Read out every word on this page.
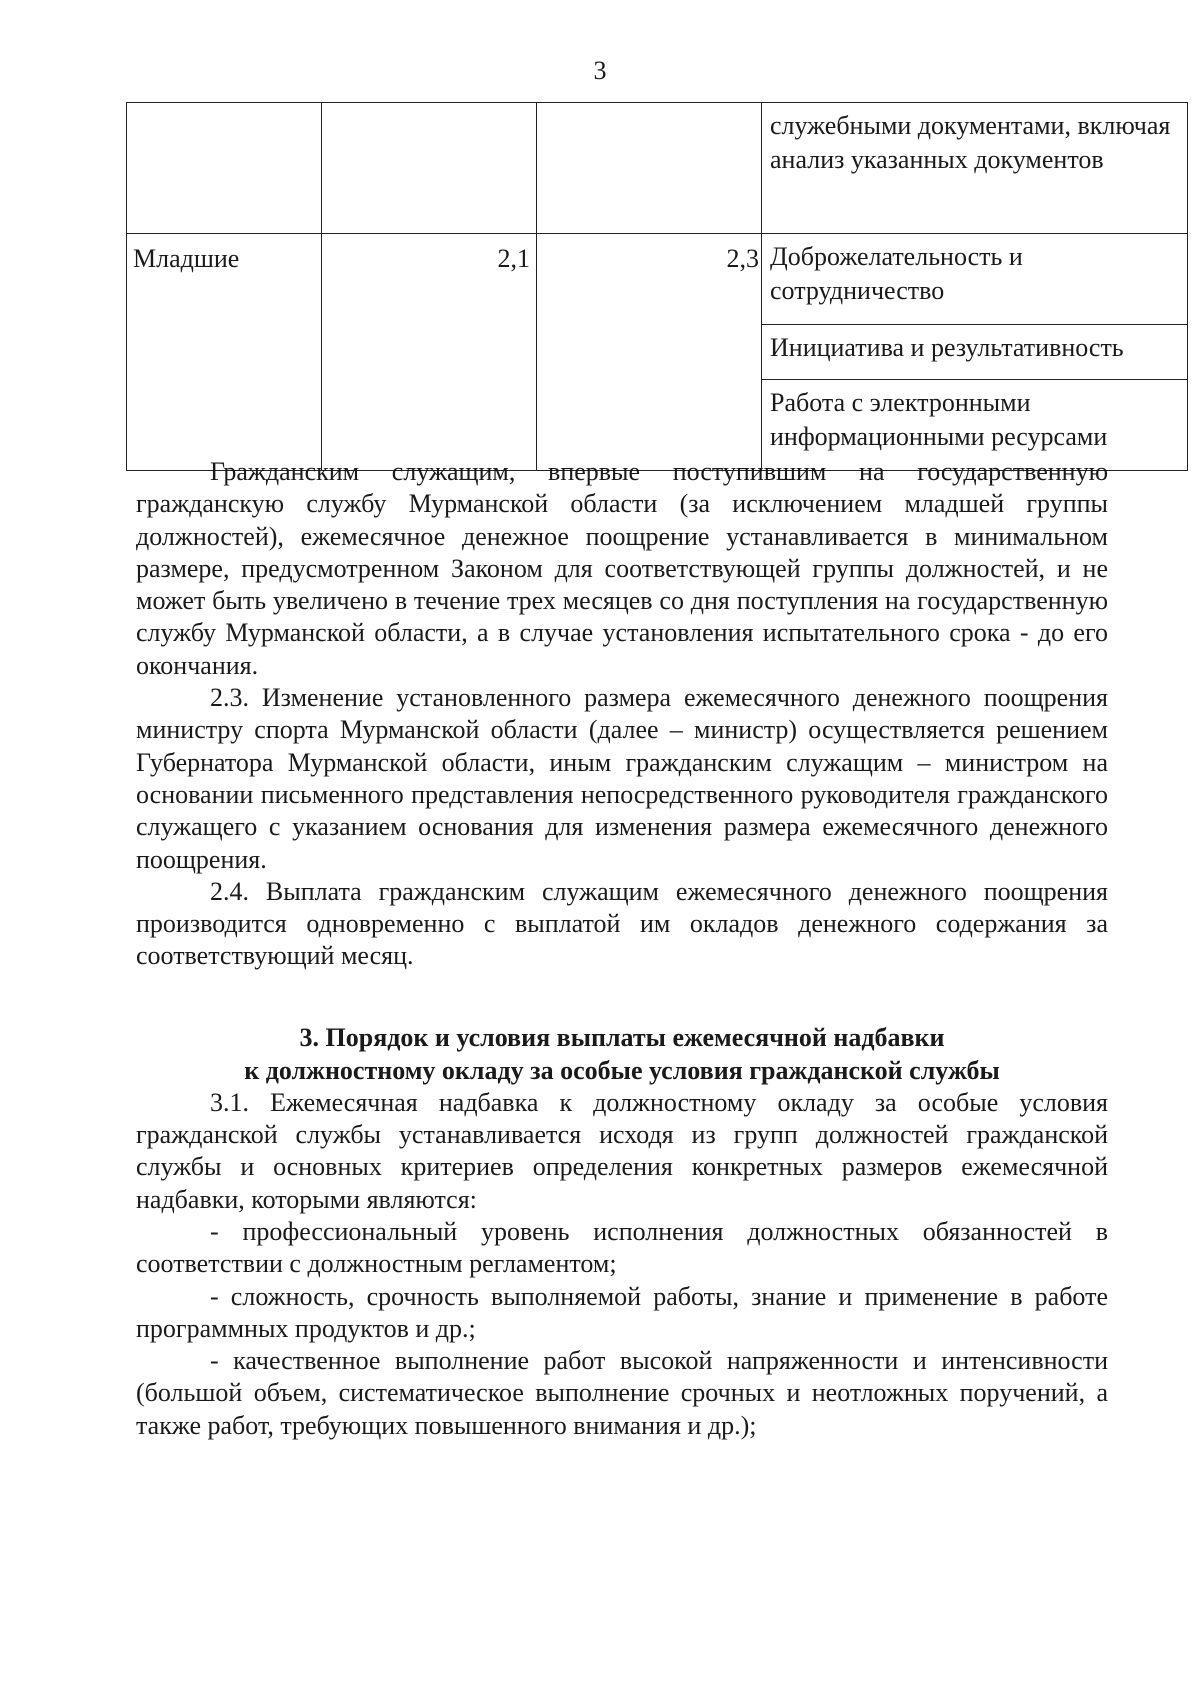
3
			служебными документами, включая анализ указанных документов
Младшие	2,1	2,3	Доброжелательность и сотрудничество
			Инициатива и результативность
			Работа с электронными информационными ресурсами

Гражданским служащим, впервые поступившим на государственную гражданскую службу Мурманской области (за исключением младшей группы должностей), ежемесячное денежное поощрение устанавливается в минимальном размере, предусмотренном Законом для соответствующей группы должностей, и не может быть увеличено в течение трех месяцев со дня поступления на государственную службу Мурманской области, а в случае установления испытательного срока - до его окончания.

2.3. Изменение установленного размера ежемесячного денежного поощрения министру спорта Мурманской области (далее – министр) осуществляется решением Губернатора Мурманской области, иным гражданским служащим – министром на основании письменного представления непосредственного руководителя гражданского служащего с указанием основания для изменения размера ежемесячного денежного поощрения.

2.4. Выплата гражданским служащим ежемесячного денежного поощрения производится одновременно с выплатой им окладов денежного содержания за соответствующий месяц.

3. Порядок и условия выплаты ежемесячной надбавки
к должностному окладу за особые условия гражданской службы

3.1. Ежемесячная надбавка к должностному окладу за особые условия гражданской службы устанавливается исходя из групп должностей гражданской службы и основных критериев определения конкретных размеров ежемесячной надбавки, которыми являются:

- профессиональный уровень исполнения должностных обязанностей в соответствии с должностным регламентом;

- сложность, срочность выполняемой работы, знание и применение в работе программных продуктов и др.;

- качественное выполнение работ высокой напряженности и интенсивности (большой объем, систематическое выполнение срочных и неотложных поручений, а также работ, требующих повышенного внимания и др.);
